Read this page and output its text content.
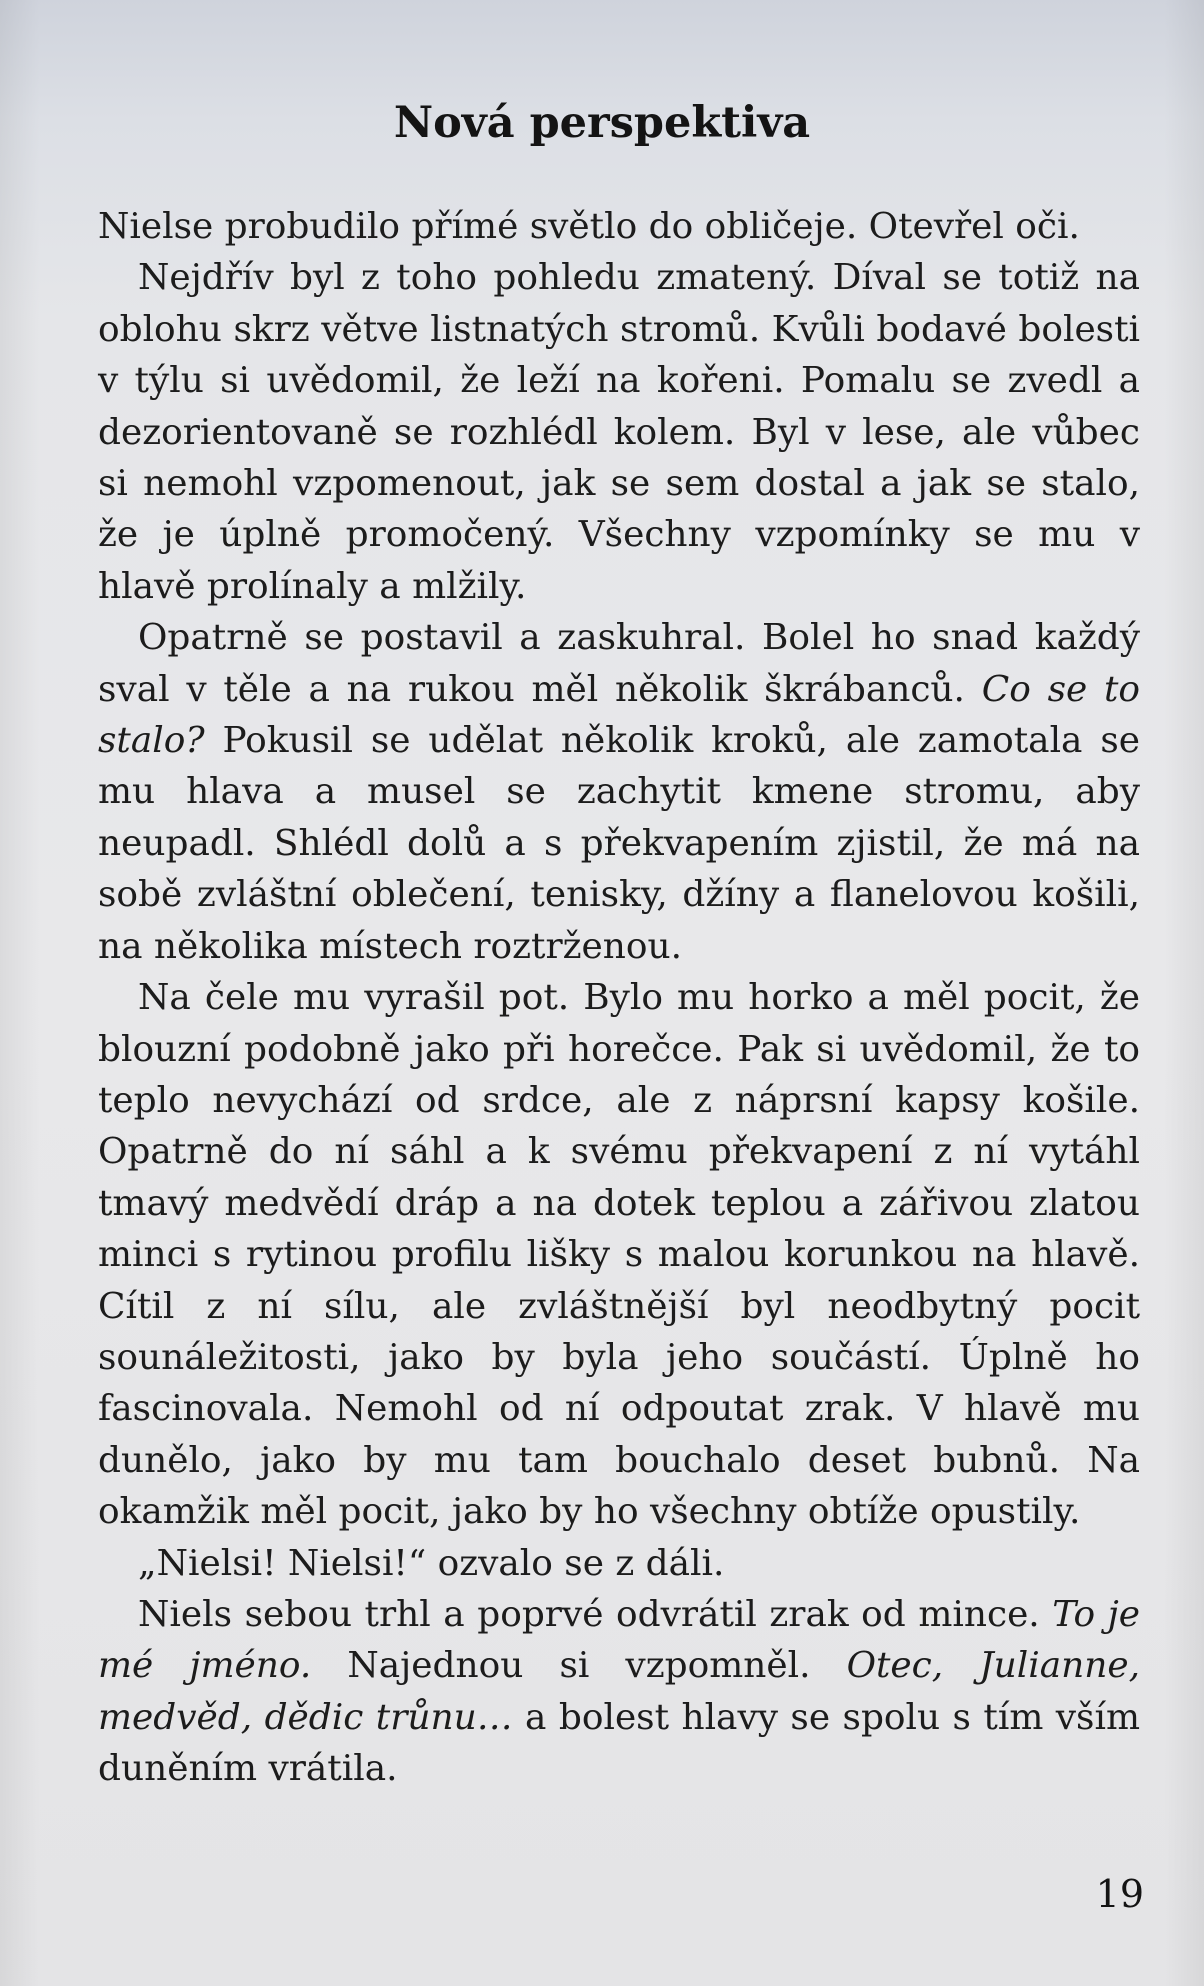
Nová perspektiva

Nielse probudilo přímé světlo do obličeje. Otevřel oči.

Nejdřív byl z toho pohledu zmatený. Díval se totiž na oblohu skrz větve listnatých stromů. Kvůli bodavé bolesti v týlu si uvědomil, že leží na kořeni. Pomalu se zvedl a dezorientovaně se rozhlédl kolem. Byl v lese, ale vůbec si nemohl vzpomenout, jak se sem dostal a jak se stalo, že je úplně promočený. Všechny vzpomínky se mu v hlavě prolínaly a mlžily.

Opatrně se postavil a zaskuhral. Bolel ho snad každý sval v těle a na rukou měl několik škrábanců. Co se to stalo? Pokusil se udělat několik kroků, ale zamotala se mu hlava a musel se zachytit kmene stromu, aby neupadl. Shlédl dolů a s překvapením zjistil, že má na sobě zvláštní oblečení, tenisky, džíny a flanelovou košili, na několika místech roztrženou.

Na čele mu vyrašil pot. Bylo mu horko a měl pocit, že blouzní podobně jako při horečce. Pak si uvědomil, že to teplo nevychází od srdce, ale z náprsní kapsy košile. Opatrně do ní sáhl a k svému překvapení z ní vytáhl tmavý medvědí dráp a na dotek teplou a zářivou zlatou minci s rytinou profilu lišky s malou korunkou na hlavě. Cítil z ní sílu, ale zvláštnější byl neodbytný pocit sounáležitosti, jako by byla jeho součástí. Úplně ho fascinovala. Nemohl od ní odpoutat zrak. V hlavě mu dunělo, jako by mu tam bouchalo deset bubnů. Na okamžik měl pocit, jako by ho všechny obtíže opustily.

„Nielsi! Nielsi!“ ozvalo se z dáli.

Niels sebou trhl a poprvé odvrátil zrak od mince. To je mé jméno. Najednou si vzpomněl. Otec, Julianne, medvěd, dědic trůnu… a bolest hlavy se spolu s tím vším duněním vrátila.

19
